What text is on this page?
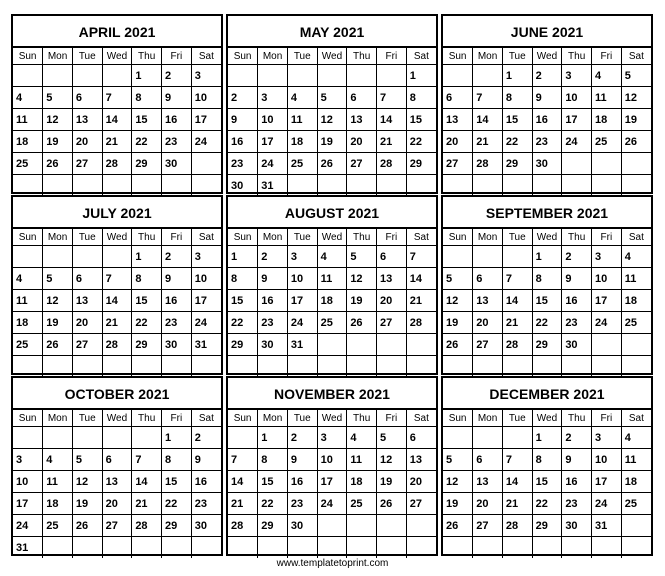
APRIL 2021
Sun	Mon	Tue	Wed	Thu	Fri	Sat
				1	2	3
4	5	6	7	8	9	10
11	12	13	14	15	16	17
18	19	20	21	22	23	24
25	26	27	28	29	30	

MAY 2021
Sun	Mon	Tue	Wed	Thu	Fri	Sat
						1
2	3	4	5	6	7	8
9	10	11	12	13	14	15
16	17	18	19	20	21	22
23	24	25	26	27	28	29
30	31					
JUNE 2021
Sun	Mon	Tue	Wed	Thu	Fri	Sat
		1	2	3	4	5
6	7	8	9	10	11	12
13	14	15	16	17	18	19
20	21	22	23	24	25	26
27	28	29	30			

JULY 2021
Sun	Mon	Tue	Wed	Thu	Fri	Sat
				1	2	3
4	5	6	7	8	9	10
11	12	13	14	15	16	17
18	19	20	21	22	23	24
25	26	27	28	29	30	31

AUGUST 2021
Sun	Mon	Tue	Wed	Thu	Fri	Sat
1	2	3	4	5	6	7
8	9	10	11	12	13	14
15	16	17	18	19	20	21
22	23	24	25	26	27	28
29	30	31				

SEPTEMBER 2021
Sun	Mon	Tue	Wed	Thu	Fri	Sat
			1	2	3	4
5	6	7	8	9	10	11
12	13	14	15	16	17	18
19	20	21	22	23	24	25
26	27	28	29	30		

OCTOBER 2021
Sun	Mon	Tue	Wed	Thu	Fri	Sat
					1	2
3	4	5	6	7	8	9
10	11	12	13	14	15	16
17	18	19	20	21	22	23
24	25	26	27	28	29	30
31						
NOVEMBER 2021
Sun	Mon	Tue	Wed	Thu	Fri	Sat
	1	2	3	4	5	6
7	8	9	10	11	12	13
14	15	16	17	18	19	20
21	22	23	24	25	26	27
28	29	30				

DECEMBER 2021
Sun	Mon	Tue	Wed	Thu	Fri	Sat
			1	2	3	4
5	6	7	8	9	10	11
12	13	14	15	16	17	18
19	20	21	22	23	24	25
26	27	28	29	30	31	

www.templatetoprint.com
